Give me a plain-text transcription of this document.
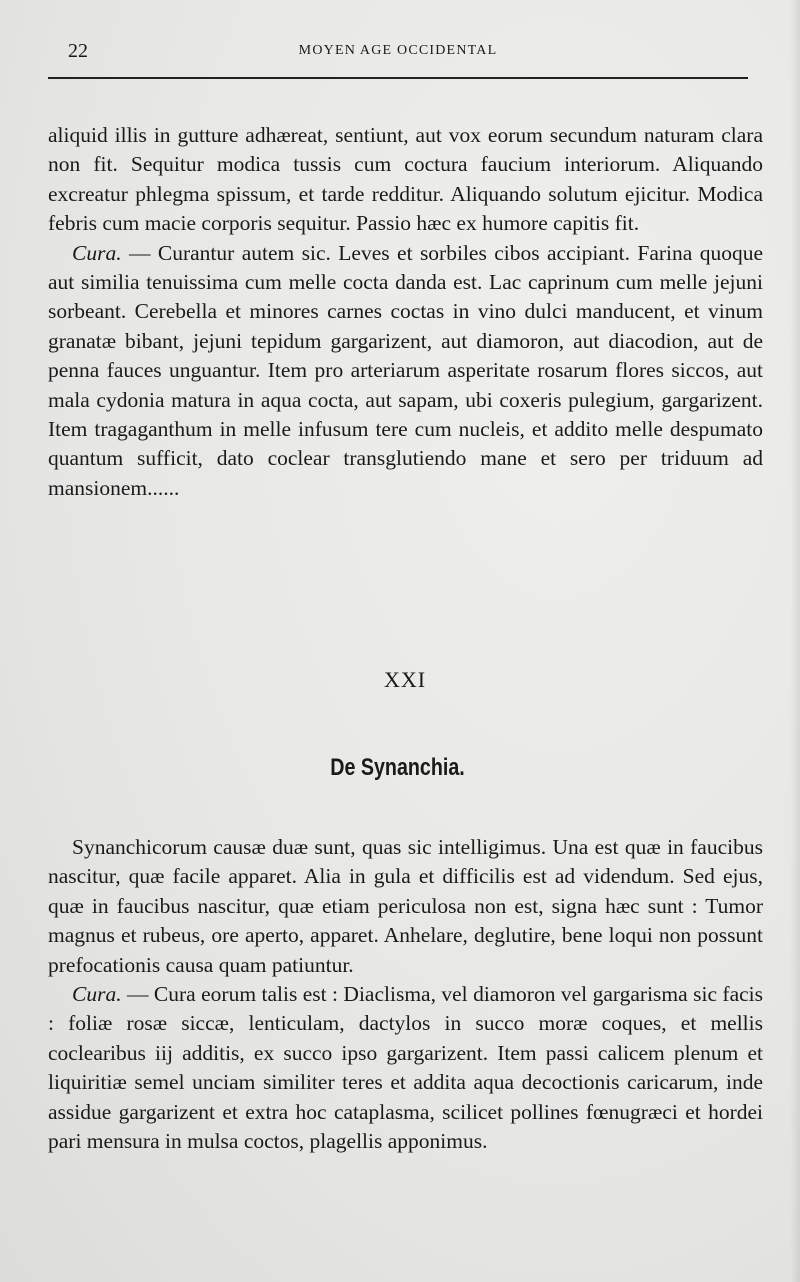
22	MOYEN AGE OCCIDENTAL

aliquid illis in gutture adhæreat, sentiunt, aut vox eorum secundum naturam clara non fit. Sequitur modica tussis cum coctura faucium interiorum. Aliquando excreatur phlegma spissum, et tarde redditur. Aliquando solutum ejicitur. Modica febris cum macie corporis sequitur. Passio hæc ex humore capitis fit.

Cura. — Curantur autem sic. Leves et sorbiles cibos accipiant. Farina quoque aut similia tenuissima cum melle cocta danda est. Lac caprinum cum melle jejuni sorbeant. Cerebella et minores carnes coctas in vino dulci manducent, et vinum granatæ bibant, jejuni tepidum gargarizent, aut diamoron, aut diacodion, aut de penna fauces unguantur. Item pro arteriarum asperitate rosarum flores siccos, aut mala cydonia matura in aqua cocta, aut sapam, ubi coxeris pulegium, gargarizent. Item tragaganthum in melle infusum tere cum nucleis, et addito melle despumato quantum sufficit, dato coclear transglutiendo mane et sero per triduum ad mansionem......

XXI
De Synanchia.

Synanchicorum causæ duæ sunt, quas sic intelligimus. Una est quæ in faucibus nascitur, quæ facile apparet. Alia in gula et difficilis est ad videndum. Sed ejus, quæ in faucibus nascitur, quæ etiam periculosa non est, signa hæc sunt : Tumor magnus et rubeus, ore aperto, apparet. Anhelare, deglutire, bene loqui non possunt prefocationis causa quam patiuntur.

Cura. — Cura eorum talis est : Diaclisma, vel diamoron vel gargarisma sic facis : foliæ rosæ siccæ, lenticulam, dactylos in succo moræ coques, et mellis coclearibus iij additis, ex succo ipso gargarizent. Item passi calicem plenum et liquiritiæ semel unciam similiter teres et addita aqua decoctionis caricarum, inde assidue gargarizent et extra hoc cataplasma, scilicet pollines fœnugræci et hordei pari mensura in mulsa coctos, plagellis apponimus.
